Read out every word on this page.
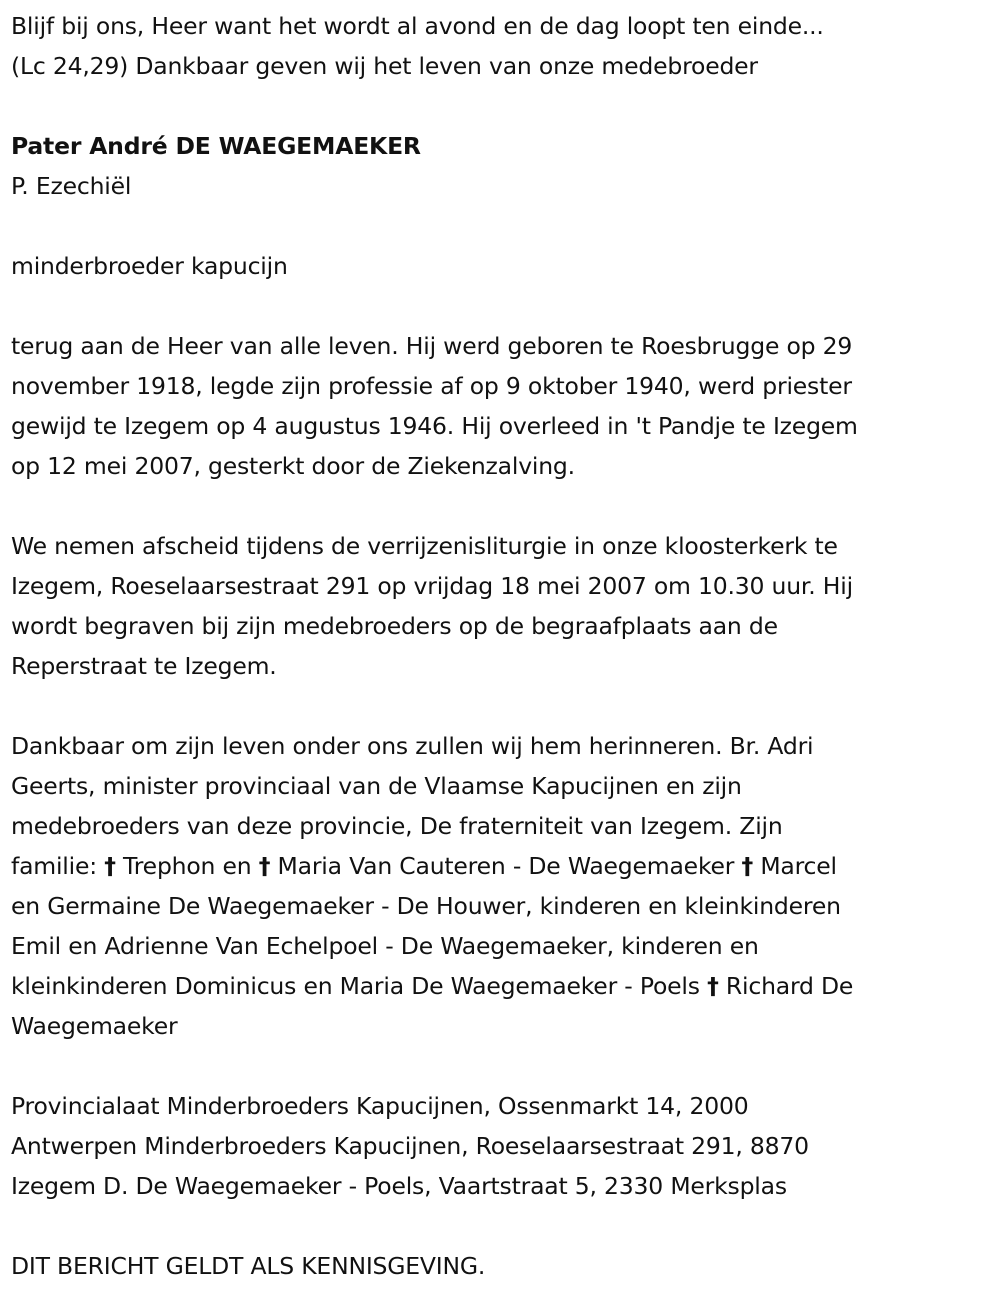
Blijf bij ons, Heer want het wordt al avond en de dag loopt ten einde...
(Lc 24,29) Dankbaar geven wij het leven van onze medebroeder
Pater André DE WAEGEMAEKER
P. Ezechiël
minderbroeder kapucijn
terug aan de Heer van alle leven. Hij werd geboren te Roesbrugge op 29
november 1918, legde zijn professie af op 9 oktober 1940, werd priester
gewijd te Izegem op 4 augustus 1946. Hij overleed in 't Pandje te Izegem
op 12 mei 2007, gesterkt door de Ziekenzalving.
We nemen afscheid tijdens de verrijzenisliturgie in onze kloosterkerk te
Izegem, Roeselaarsestraat 291 op vrijdag 18 mei 2007 om 10.30 uur. Hij
wordt begraven bij zijn medebroeders op de begraafplaats aan de
Reperstraat te Izegem.
Dankbaar om zijn leven onder ons zullen wij hem herinneren. Br. Adri
Geerts, minister provinciaal van de Vlaamse Kapucijnen en zijn
medebroeders van deze provincie, De fraterniteit van Izegem. Zijn
familie: † Trephon en † Maria Van Cauteren - De Waegemaeker † Marcel
en Germaine De Waegemaeker - De Houwer, kinderen en kleinkinderen
Emil en Adrienne Van Echelpoel - De Waegemaeker, kinderen en
kleinkinderen Dominicus en Maria De Waegemaeker - Poels † Richard De
Waegemaeker
Provincialaat Minderbroeders Kapucijnen, Ossenmarkt 14, 2000
Antwerpen Minderbroeders Kapucijnen, Roeselaarsestraat 291, 8870
Izegem D. De Waegemaeker - Poels, Vaartstraat 5, 2330 Merksplas
DIT BERICHT GELDT ALS KENNISGEVING.
